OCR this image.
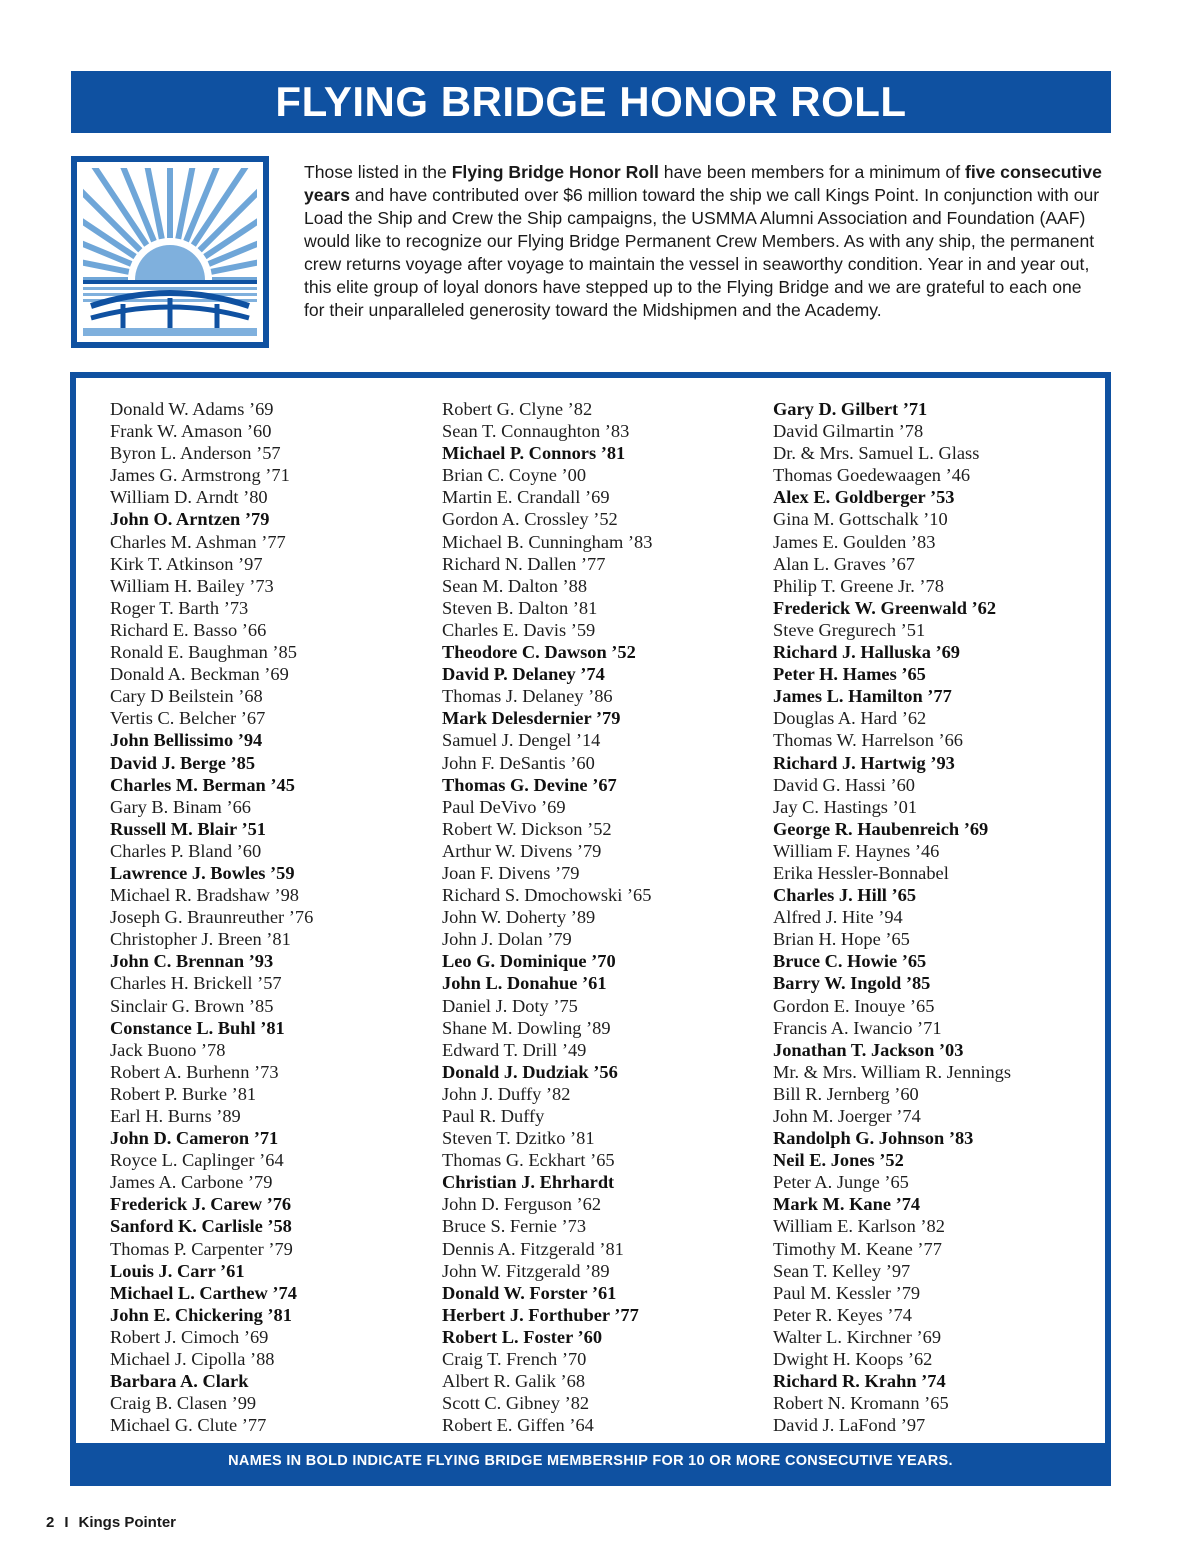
FLYING BRIDGE HONOR ROLL
Those listed in the Flying Bridge Honor Roll have been members for a minimum of five consecutive years and have contributed over $6 million toward the ship we call Kings Point. In conjunction with our Load the Ship and Crew the Ship campaigns, the USMMA Alumni Association and Foundation (AAF) would like to recognize our Flying Bridge Permanent Crew Members. As with any ship, the permanent crew returns voyage after voyage to maintain the vessel in seaworthy condition. Year in and year out, this elite group of loyal donors have stepped up to the Flying Bridge and we are grateful to each one for their unparalleled generosity toward the Midshipmen and the Academy.
Donald W. Adams ’69
Frank W. Amason ’60
Byron L. Anderson ’57
James G. Armstrong ’71
William D. Arndt ’80
John O. Arntzen ’79
Charles M. Ashman ’77
Kirk T. Atkinson ’97
William H. Bailey ’73
Roger T. Barth ’73
Richard E. Basso ’66
Ronald E. Baughman ’85
Donald A. Beckman ’69
Cary D Beilstein ’68
Vertis C. Belcher ’67
John Bellissimo ’94
David J. Berge ’85
Charles M. Berman ’45
Gary B. Binam ’66
Russell M. Blair ’51
Charles P. Bland ’60
Lawrence J. Bowles ’59
Michael R. Bradshaw ’98
Joseph G. Braunreuther ’76
Christopher J. Breen ’81
John C. Brennan ’93
Charles H. Brickell ’57
Sinclair G. Brown ’85
Constance L. Buhl ’81
Jack Buono ’78
Robert A. Burhenn ’73
Robert P. Burke ’81
Earl H. Burns ’89
John D. Cameron ’71
Royce L. Caplinger ’64
James A. Carbone ’79
Frederick J. Carew ’76
Sanford K. Carlisle ’58
Thomas P. Carpenter ’79
Louis J. Carr ’61
Michael L. Carthew ’74
John E. Chickering ’81
Robert J. Cimoch ’69
Michael J. Cipolla ’88
Barbara A. Clark
Craig B. Clasen ’99
Michael G. Clute ’77
Robert G. Clyne ’82
Sean T. Connaughton ’83
Michael P. Connors ’81
Brian C. Coyne ’00
Martin E. Crandall ’69
Gordon A. Crossley ’52
Michael B. Cunningham ’83
Richard N. Dallen ’77
Sean M. Dalton ’88
Steven B. Dalton ’81
Charles E. Davis ’59
Theodore C. Dawson ’52
David P. Delaney ’74
Thomas J. Delaney ’86
Mark Delesdernier ’79
Samuel J. Dengel ’14
John F. DeSantis ’60
Thomas G. Devine ’67
Paul DeVivo ’69
Robert W. Dickson ’52
Arthur W. Divens ’79
Joan F. Divens ’79
Richard S. Dmochowski ’65
John W. Doherty ’89
John J. Dolan ’79
Leo G. Dominique ’70
John L. Donahue ’61
Daniel J. Doty ’75
Shane M. Dowling ’89
Edward T. Drill ’49
Donald J. Dudziak ’56
John J. Duffy ’82
Paul R. Duffy
Steven T. Dzitko ’81
Thomas G. Eckhart ’65
Christian J. Ehrhardt
John D. Ferguson ’62
Bruce S. Fernie ’73
Dennis A. Fitzgerald ’81
John W. Fitzgerald ’89
Donald W. Forster ’61
Herbert J. Forthuber ’77
Robert L. Foster ’60
Craig T. French ’70
Albert R. Galik ’68
Scott C. Gibney ’82
Robert E. Giffen ’64
Gary D. Gilbert ’71
David Gilmartin ’78
Dr. & Mrs. Samuel L. Glass
Thomas Goedewaagen ’46
Alex E. Goldberger ’53
Gina M. Gottschalk ’10
James E. Goulden ’83
Alan L. Graves ’67
Philip T. Greene Jr. ’78
Frederick W. Greenwald ’62
Steve Gregurech ’51
Richard J. Halluska ’69
Peter H. Hames ’65
James L. Hamilton ’77
Douglas A. Hard ’62
Thomas W. Harrelson ’66
Richard J. Hartwig ’93
David G. Hassi ’60
Jay C. Hastings ’01
George R. Haubenreich ’69
William F. Haynes ’46
Erika Hessler-Bonnabel
Charles J. Hill ’65
Alfred J. Hite ’94
Brian H. Hope ’65
Bruce C. Howie ’65
Barry W. Ingold ’85
Gordon E. Inouye ’65
Francis A. Iwancio ’71
Jonathan T. Jackson ’03
Mr. & Mrs. William R. Jennings
Bill R. Jernberg ’60
John M. Joerger ’74
Randolph G. Johnson ’83
Neil E. Jones ’52
Peter A. Junge ’65
Mark M. Kane ’74
William E. Karlson ’82
Timothy M. Keane ’77
Sean T. Kelley ’97
Paul M. Kessler ’79
Peter R. Keyes ’74
Walter L. Kirchner ’69
Dwight H. Koops ’62
Richard R. Krahn ’74
Robert N. Kromann ’65
David J. LaFond ’97
NAMES IN BOLD INDICATE FLYING BRIDGE MEMBERSHIP FOR 10 OR MORE CONSECUTIVE YEARS.
2 I Kings Pointer
